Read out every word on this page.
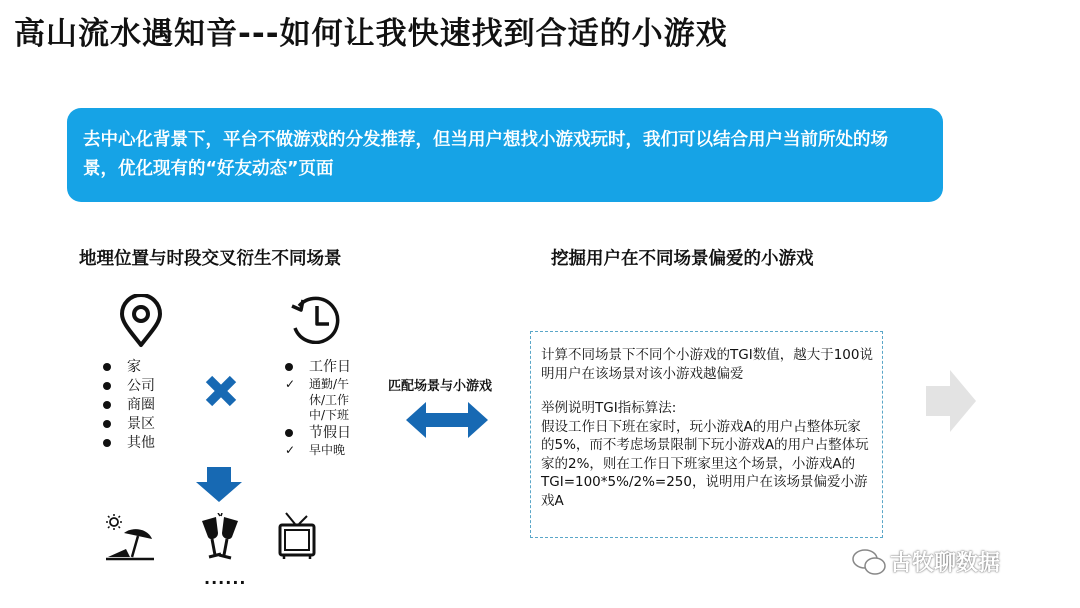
高山流水遇知音---如何让我快速找到合适的小游戏
去中心化背景下，平台不做游戏的分发推荐，但当用户想找小游戏玩时，我们可以结合用户当前所处的场景，优化现有的“好友动态”页面
地理位置与时段交叉衍生不同场景	挖掘用户在不同场景偏爱的小游戏
家
公司
商圈
景区
其他
工作日
✓ 通勤/午
休/工作
中/下班
节假日
✓ 早中晚
......
匹配场景与小游戏

计算不同场景下不同个小游戏的TGI数值，越大于100说明用户在该场景对该小游戏越偏爱

举例说明TGI指标算法:

假设工作日下班在家时，玩小游戏A的用户占整体玩家的5%，而不考虑场景限制下玩小游戏A的用户占整体玩家的2%，则在工作日下班家里这个场景，小游戏A的TGI=100*5%/2%=250，说明用户在该场景偏爱小游戏A

古牧聊数据
